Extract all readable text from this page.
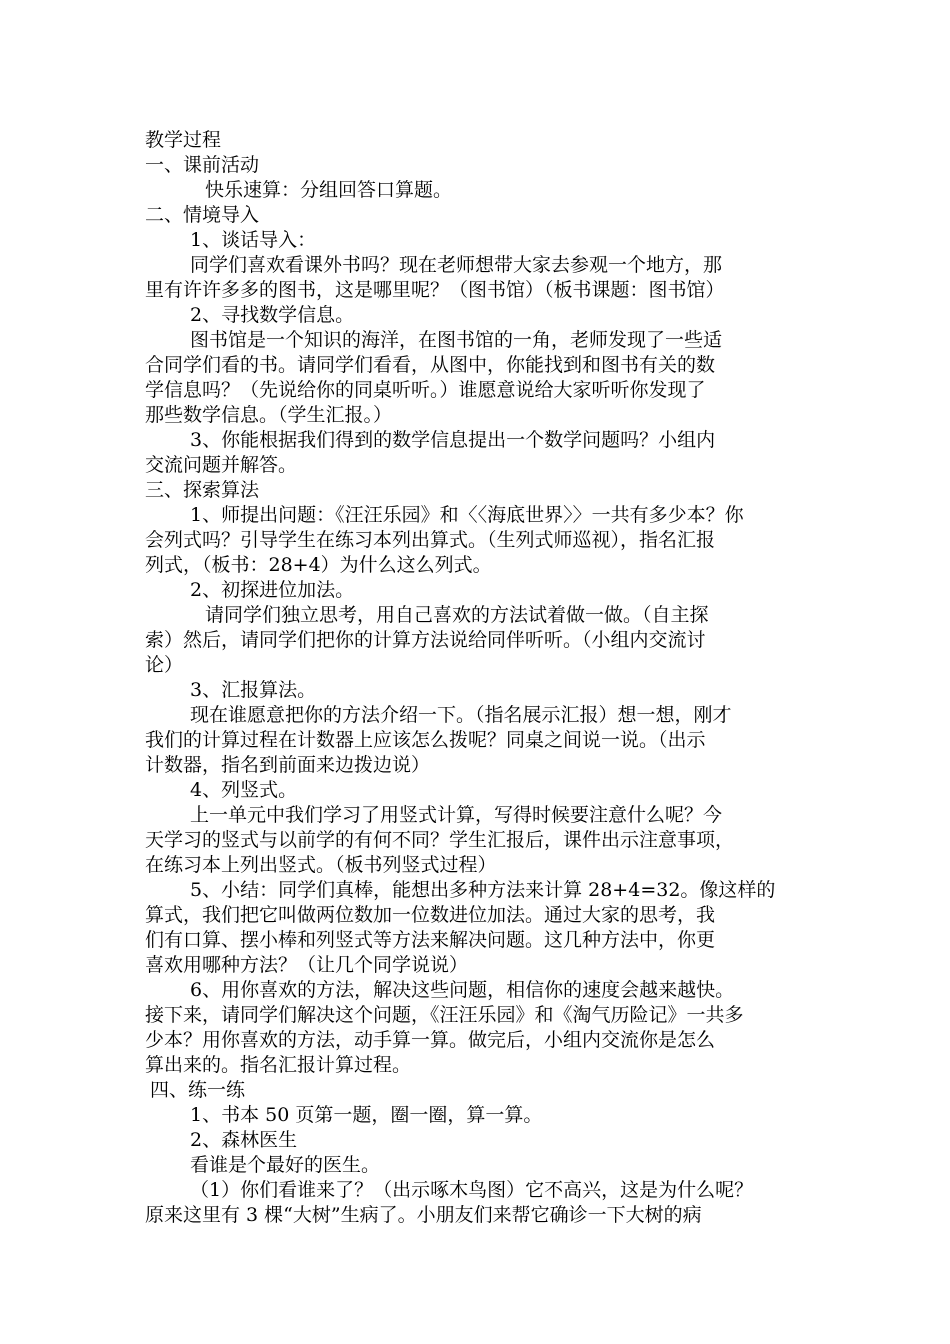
教学过程
一、课前活动
快乐速算：分组回答口算题。
二、情境导入
1、谈话导入：
同学们喜欢看课外书吗？现在老师想带大家去参观一个地方，那
里有许许多多的图书，这是哪里呢？（图书馆）（板书课题：图书馆）
2、寻找数学信息。
图书馆是一个知识的海洋，在图书馆的一角，老师发现了一些适
合同学们看的书。请同学们看看，从图中，你能找到和图书有关的数
学信息吗？（先说给你的同桌听听。）谁愿意说给大家听听你发现了
那些数学信息。（学生汇报。）
3、你能根据我们得到的数学信息提出一个数学问题吗？小组内
交流问题并解答。
三、探索算法
1、师提出问题：《汪汪乐园》和〈〈海底世界〉〉一共有多少本？你
会列式吗？引导学生在练习本列出算式。（生列式师巡视），指名汇报
列式，（板书：28+4）为什么这么列式。
2、初探进位加法。
请同学们独立思考，用自己喜欢的方法试着做一做。（自主探
索）然后，请同学们把你的计算方法说给同伴听听。（小组内交流讨
论）
3、汇报算法。
现在谁愿意把你的方法介绍一下。（指名展示汇报）想一想，刚才
我们的计算过程在计数器上应该怎么拨呢？同桌之间说一说。（出示
计数器，指名到前面来边拨边说）
4、列竖式。
上一单元中我们学习了用竖式计算，写得时候要注意什么呢？今
天学习的竖式与以前学的有何不同？学生汇报后，课件出示注意事项，
在练习本上列出竖式。（板书列竖式过程）
5、小结：同学们真棒，能想出多种方法来计算 28+4=32。像这样的
算式，我们把它叫做两位数加一位数进位加法。通过大家的思考，我
们有口算、摆小棒和列竖式等方法来解决问题。这几种方法中，你更
喜欢用哪种方法？（让几个同学说说）
6、用你喜欢的方法，解决这些问题，相信你的速度会越来越快。
接下来，请同学们解决这个问题，《汪汪乐园》和《淘气历险记》一共多
少本？用你喜欢的方法，动手算一算。做完后，小组内交流你是怎么
算出来的。指名汇报计算过程。
四、练一练
1、书本 50 页第一题，圈一圈，算一算。
2、森林医生
看谁是个最好的医生。
（1）你们看谁来了？（出示啄木鸟图）它不高兴，这是为什么呢？
原来这里有 3 棵“大树”生病了。小朋友们来帮它确诊一下大树的病
